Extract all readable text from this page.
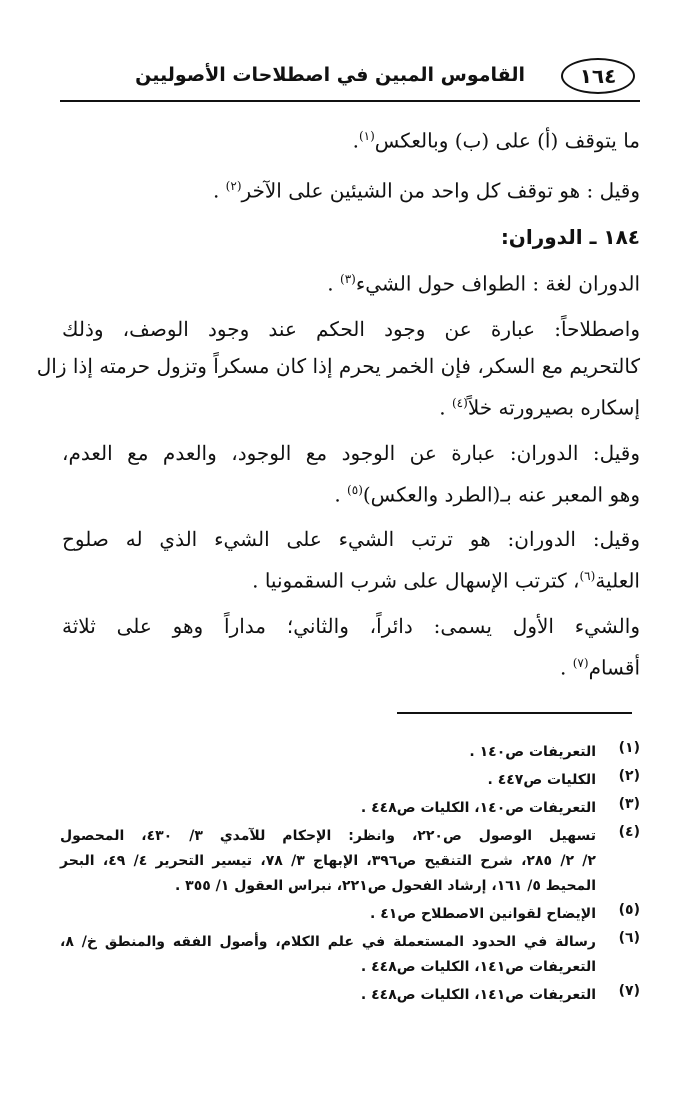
١٦٤
القاموس المبين في اصطلاحات الأصوليين
ما يتوقف (أ) على (ب) وبالعكس$^{(١)}$.
وقيل : هو توقف كل واحد من الشيئين على الآخر$^{(٢)}$ .
١٨٤ ـ الدوران:
الدوران لغة : الطواف حول الشيء$^{(٣)}$ .
واصطلاحاً: عبارة عن وجود الحكم عند وجود الوصف، وذلك
كالتحريم مع السكر، فإن الخمر يحرم إذا كان مسكراً وتزول حرمته إذا زال
إسكاره بصيرورته خلاً$^{(٤)}$ .
وقيل: الدوران: عبارة عن الوجود مع الوجود، والعدم مع العدم،
وهو المعبر عنه بـ(الطرد والعكس)$^{(٥)}$ .
وقيل: الدوران: هو ترتب الشيء على الشيء الذي له صلوح
العلية$^{(٦)}$، كترتب الإسهال على شرب السقمونيا .
والشيء الأول يسمى: دائراً، والثاني؛ مداراً وهو على ثلاثة
أقسام$^{(٧)}$ .
(١)
التعريفات ص١٤٠ .
(٢)
الكليات ص٤٤٧ .
(٣)
التعريفات ص١٤٠، الكليات ص٤٤٨ .
(٤)
تسهيل الوصول ص٢٢٠، وانظر: الإحكام للآمدي ٣/ ٤٣٠، المحصول
٢/ ٢/ ٢٨٥، شرح التنقيح ص٣٩٦، الإبهاج ٣/ ٧٨، تيسير التحرير ٤/ ٤٩، البحر
المحيط ٥/ ١٦١، إرشاد الفحول ص٢٢١، نبراس العقول ١/ ٣٥٥ .
(٥)
الإيضاح لقوانين الاصطلاح ص٤١ .
(٦)
رسالة في الحدود المستعملة في علم الكلام، وأصول الفقه والمنطق خ/ ٨،
التعريفات ص١٤١، الكليات ص٤٤٨ .
(٧)
التعريفات ص١٤١، الكليات ص٤٤٨ .
